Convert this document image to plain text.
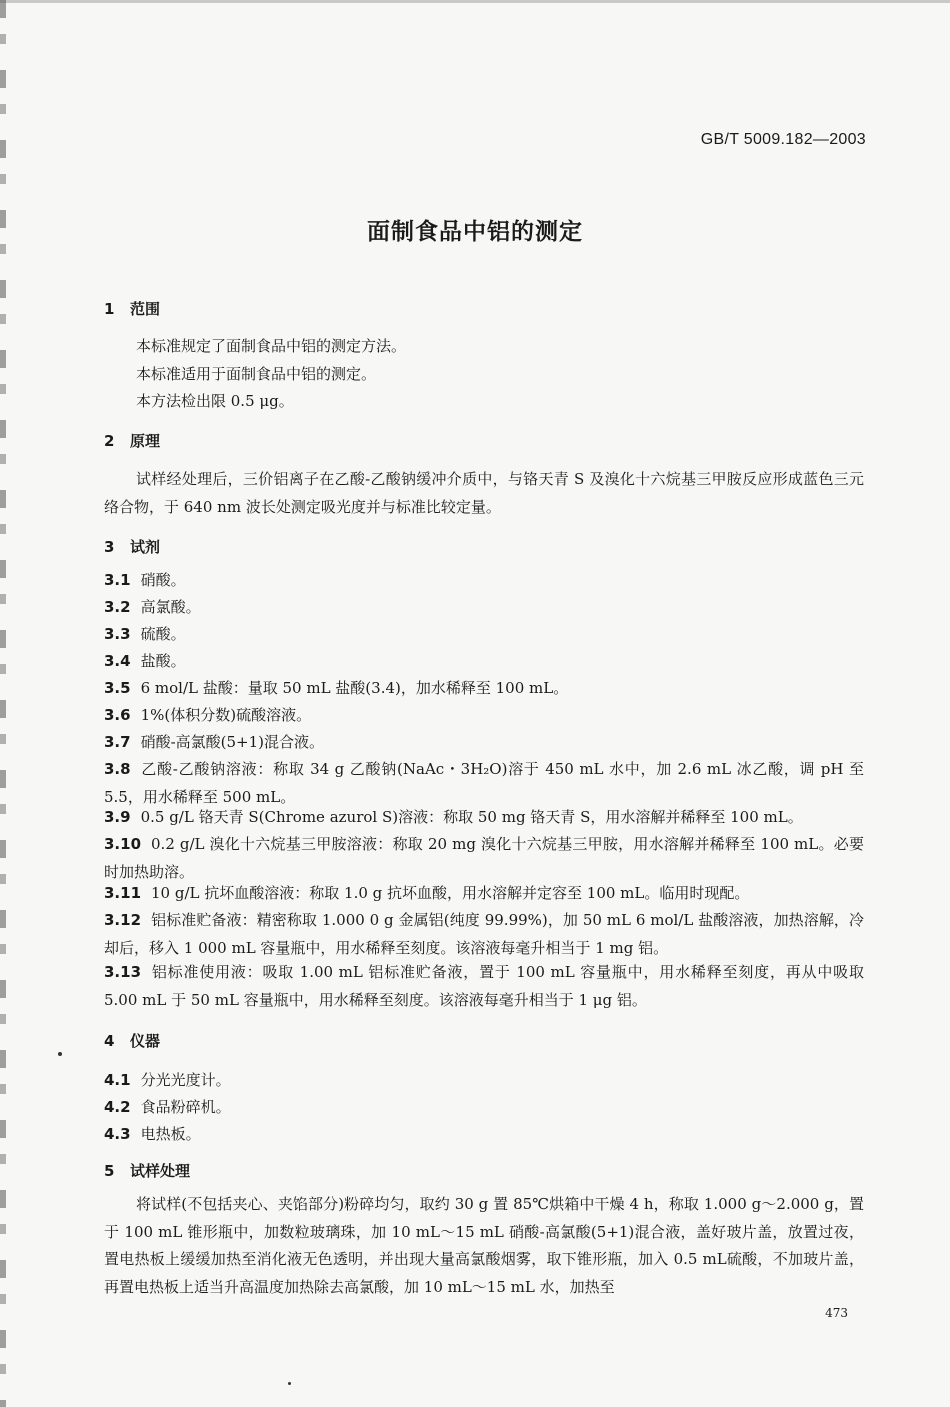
GB/T 5009.182—2003
面制食品中铝的测定
1 范围
本标准规定了面制食品中铝的测定方法。
本标准适用于面制食品中铝的测定。
本方法检出限 0.5 μg。
2 原理
试样经处理后，三价铝离子在乙酸-乙酸钠缓冲介质中，与铬天青 S 及溴化十六烷基三甲胺反应形成蓝色三元络合物，于 640 nm 波长处测定吸光度并与标准比较定量。
3 试剂
3.1 硝酸。
3.2 高氯酸。
3.3 硫酸。
3.4 盐酸。
3.5 6 mol/L 盐酸：量取 50 mL 盐酸(3.4)，加水稀释至 100 mL。
3.6 1%(体积分数)硫酸溶液。
3.7 硝酸-高氯酸(5+1)混合液。
3.8 乙酸-乙酸钠溶液：称取 34 g 乙酸钠(NaAc・3H₂O)溶于 450 mL 水中，加 2.6 mL 冰乙酸，调 pH 至 5.5，用水稀释至 500 mL。
3.9 0.5 g/L 铬天青 S(Chrome azurol S)溶液：称取 50 mg 铬天青 S，用水溶解并稀释至 100 mL。
3.10 0.2 g/L 溴化十六烷基三甲胺溶液：称取 20 mg 溴化十六烷基三甲胺，用水溶解并稀释至 100 mL。必要时加热助溶。
3.11 10 g/L 抗坏血酸溶液：称取 1.0 g 抗坏血酸，用水溶解并定容至 100 mL。临用时现配。
3.12 铝标准贮备液：精密称取 1.000 0 g 金属铝(纯度 99.99%)，加 50 mL 6 mol/L 盐酸溶液，加热溶解，冷却后，移入 1 000 mL 容量瓶中，用水稀释至刻度。该溶液每毫升相当于 1 mg 铝。
3.13 铝标准使用液：吸取 1.00 mL 铝标准贮备液，置于 100 mL 容量瓶中，用水稀释至刻度，再从中吸取 5.00 mL 于 50 mL 容量瓶中，用水稀释至刻度。该溶液每毫升相当于 1 μg 铝。
4 仪器
4.1 分光光度计。
4.2 食品粉碎机。
4.3 电热板。
5 试样处理
将试样(不包括夹心、夹馅部分)粉碎均匀，取约 30 g 置 85℃烘箱中干燥 4 h，称取 1.000 g～2.000 g，置于 100 mL 锥形瓶中，加数粒玻璃珠，加 10 mL～15 mL 硝酸-高氯酸(5+1)混合液，盖好玻片盖，放置过夜，置电热板上缓缓加热至消化液无色透明，并出现大量高氯酸烟雾，取下锥形瓶，加入 0.5 mL硫酸，不加玻片盖，再置电热板上适当升高温度加热除去高氯酸，加 10 mL～15 mL 水，加热至
473
